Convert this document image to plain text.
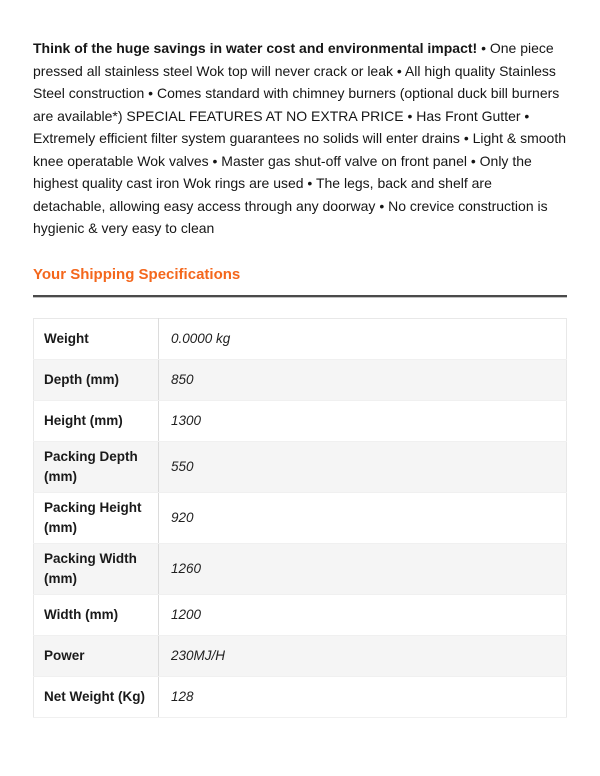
Think of the huge savings in water cost and environmental impact! • One piece pressed all stainless steel Wok top will never crack or leak • All high quality Stainless Steel construction • Comes standard with chimney burners (optional duck bill burners are available*) SPECIAL FEATURES AT NO EXTRA PRICE • Has Front Gutter • Extremely efficient filter system guarantees no solids will enter drains • Light & smooth knee operatable Wok valves • Master gas shut-off valve on front panel • Only the highest quality cast iron Wok rings are used • The legs, back and shelf are detachable, allowing easy access through any doorway • No crevice construction is hygienic & very easy to clean

Your Shipping Specifications
Weight	0.0000 kg
Depth (mm)	850
Height (mm)	1300
Packing Depth (mm)	550
Packing Height (mm)	920
Packing Width (mm)	1260
Width (mm)	1200
Power	230MJ/H
Net Weight (Kg)	128
